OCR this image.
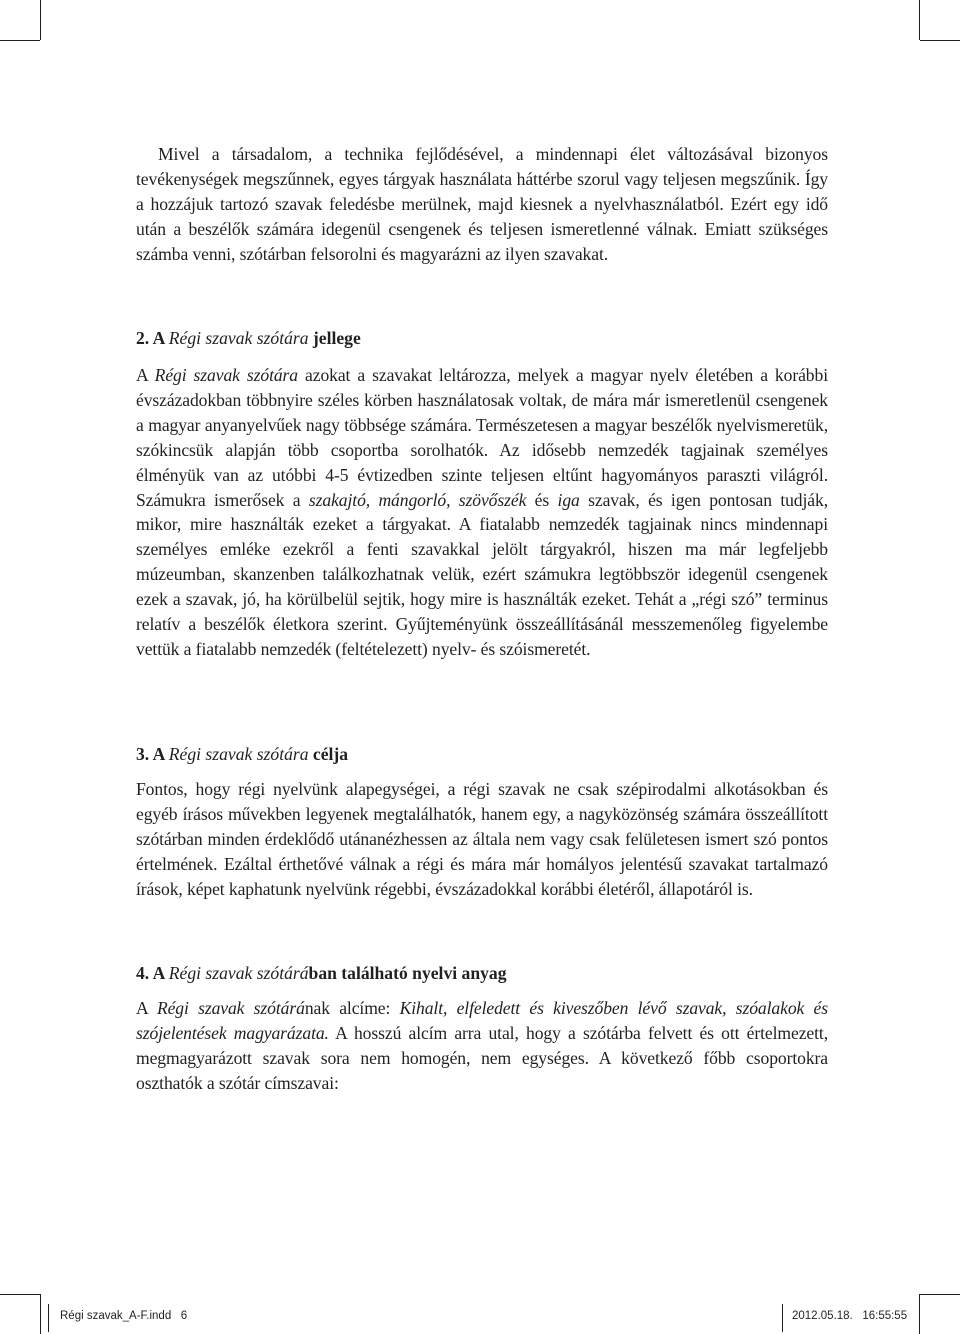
Mivel a társadalom, a technika fejlődésével, a mindennapi élet változásával bizonyos tevékenységek megszűnnek, egyes tárgyak használata háttérbe szorul vagy teljesen megszűnik. Így a hozzájuk tartozó szavak feledésbe merülnek, majd kiesnek a nyelvhasználatból. Ezért egy idő után a beszélők számára idegenül csengenek és teljesen ismeretlenné válnak. Emiatt szükséges számba venni, szótárban felsorolni és magyarázni az ilyen szavakat.

2. A Régi szavak szótára jellege

A Régi szavak szótára azokat a szavakat leltározza, melyek a magyar nyelv életében a korábbi évszázadokban többnyire széles körben használatosak voltak, de mára már ismeretlenül csengenek a magyar anyanyelvűek nagy többsége számára. Természetesen a magyar beszélők nyelvismeretük, szókincsük alapján több csoportba sorolhatók. Az idősebb nemzedék tagjainak személyes élményük van az utóbbi 4-5 évtizedben szinte teljesen eltűnt hagyományos paraszti világról. Számukra ismerősek a szakajtó, mángorló, szövőszék és iga szavak, és igen pontosan tudják, mikor, mire használták ezeket a tárgyakat. A fiatalabb nemzedék tagjainak nincs mindennapi személyes emléke ezekről a fenti szavakkal jelölt tárgyakról, hiszen ma már legfeljebb múzeumban, skanzenben találkozhatnak velük, ezért számukra legtöbbször idegenül csengenek ezek a szavak, jó, ha körülbelül sejtik, hogy mire is használták ezeket. Tehát a „régi szó” terminus relatív a beszélők életkora szerint. Gyűjteményünk összeállításánál messzemenőleg figyelembe vettük a fiatalabb nemzedék (feltételezett) nyelv- és szóismeretét.

3. A Régi szavak szótára célja

Fontos, hogy régi nyelvünk alapegységei, a régi szavak ne csak szépirodalmi alkotásokban és egyéb írásos művekben legyenek megtalálhatók, hanem egy, a nagyközönség számára összeállított szótárban minden érdeklődő utánanézhessen az általa nem vagy csak felületesen ismert szó pontos értelmének. Ezáltal érthetővé válnak a régi és mára már homályos jelentésű szavakat tartalmazó írások, képet kaphatunk nyelvünk régebbi, évszázadokkal korábbi életéről, állapotáról is.

4. A Régi szavak szótárában található nyelvi anyag

A Régi szavak szótárának alcíme: Kihalt, elfeledett és kiveszőben lévő szavak, szóalakok és szójelentések magyarázata. A hosszú alcím arra utal, hogy a szótárba felvett és ott értelmezett, megmagyarázott szavak sora nem homogén, nem egységes. A következő főbb csoportokra oszthatók a szótár címszavai:

Régi szavak_A-F.indd   6	2012.05.18.   16:55:55
